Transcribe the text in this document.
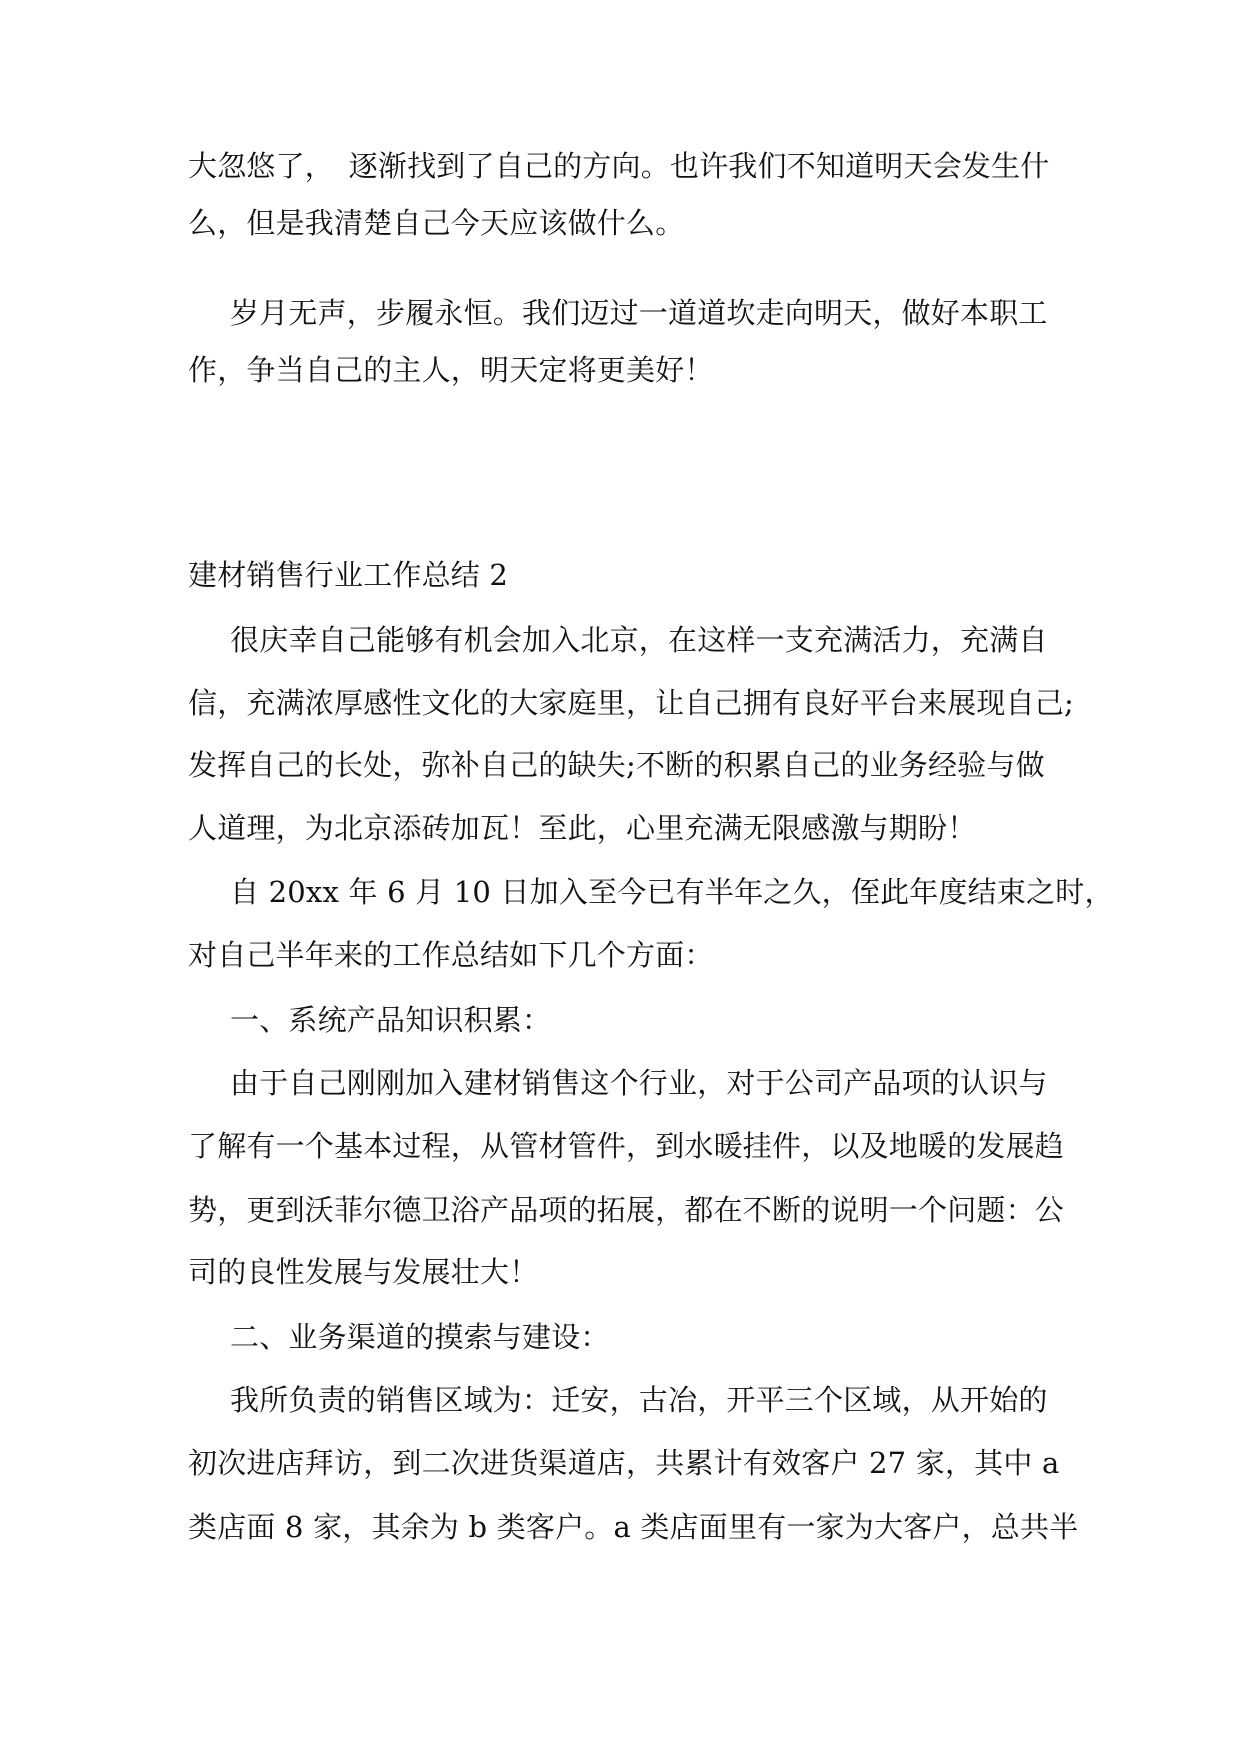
大忽悠了，　逐渐找到了自己的方向。也许我们不知道明天会发生什
么，但是我清楚自己今天应该做什么。
岁月无声，步履永恒。我们迈过一道道坎走向明天，做好本职工
作，争当自己的主人，明天定将更美好！
建材销售行业工作总结 2
很庆幸自己能够有机会加入北京，在这样一支充满活力，充满自
信，充满浓厚感性文化的大家庭里，让自己拥有良好平台来展现自己;
发挥自己的长处，弥补自己的缺失;不断的积累自己的业务经验与做
人道理，为北京添砖加瓦！至此，心里充满无限感激与期盼！
自 20xx 年 6 月 10 日加入至今已有半年之久，侄此年度结束之时，
对自己半年来的工作总结如下几个方面：
一、系统产品知识积累：
由于自己刚刚加入建材销售这个行业，对于公司产品项的认识与
了解有一个基本过程，从管材管件，到水暖挂件，以及地暖的发展趋
势，更到沃菲尔德卫浴产品项的拓展，都在不断的说明一个问题：公
司的良性发展与发展壮大！
二、业务渠道的摸索与建设：
我所负责的销售区域为：迁安，古冶，开平三个区域，从开始的
初次进店拜访，到二次进货渠道店，共累计有效客户 27 家，其中 a
类店面 8 家，其余为 b 类客户。a 类店面里有一家为大客户，总共半
